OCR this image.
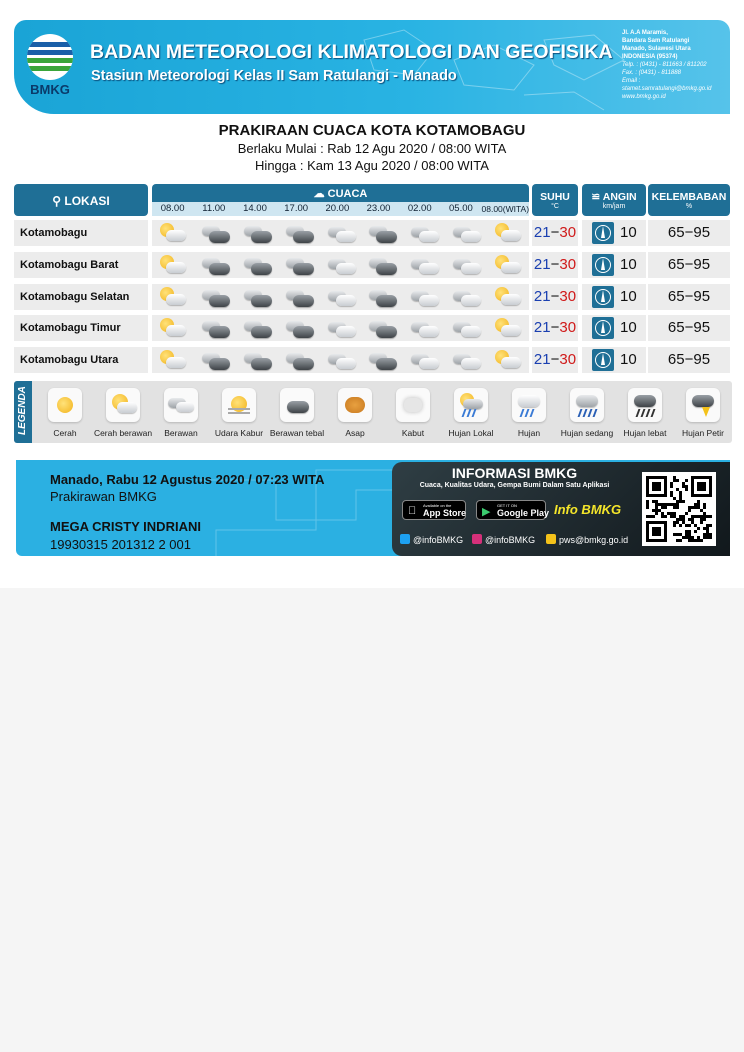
BMKG
BADAN METEOROLOGI KLIMATOLOGI DAN GEOFISIKA
Stasiun Meteorologi Kelas II Sam Ratulangi - Manado
Jl. A.A Maramis,
Bandara Sam Ratulangi
Manado, Sulawesi Utara
INDONESIA (95374)
Telp. : (0431) - 811663 / 811202
Fax. : (0431) - 811888
Email :
stamet.samratulangi@bmkg.go.id
www.bmkg.go.id
PRAKIRAAN CUACA KOTA KOTAMOBAGU
Berlaku Mulai : Rab 12 Agu 2020 / 08:00 WITA
Hingga : Kam 13 Agu 2020 / 08:00 WITA
⚲ LOKASI	☁ CUACA
08.00	11.00	14.00	17.00	20.00	23.00	02.00	05.00	08.00(WITA)
SUHU
°C
≌ ANGIN
km/jam
KELEMBABAN
%
Kotamobagu	21−30	10	65−95
Kotamobagu Barat	21−30	10	65−95
Kotamobagu Selatan	21−30	10	65−95
Kotamobagu Timur	21−30	10	65−95
Kotamobagu Utara	21−30	10	65−95
LEGENDA	Cerah	Cerah berawan	Berawan	Udara Kabur Berawan tebal	Asap	Kabut	Hujan Lokal	Hujan	Hujan sedang	Hujan lebat	Hujan Petir
Manado, Rabu 12 Agustus 2020 / 07:23 WITA
Prakirawan BMKG
MEGA CRISTY INDRIANI
19930315 201312 2 001
INFORMASI BMKG
Cuaca, Kualitas Udara, Gempa Bumi Dalam Satu Aplikasi
Available on the
App Store ▶
GET IT ON
Google Play Info BMKG
@infoBMKG	@infoBMKG	pws@bmkg.go.id
